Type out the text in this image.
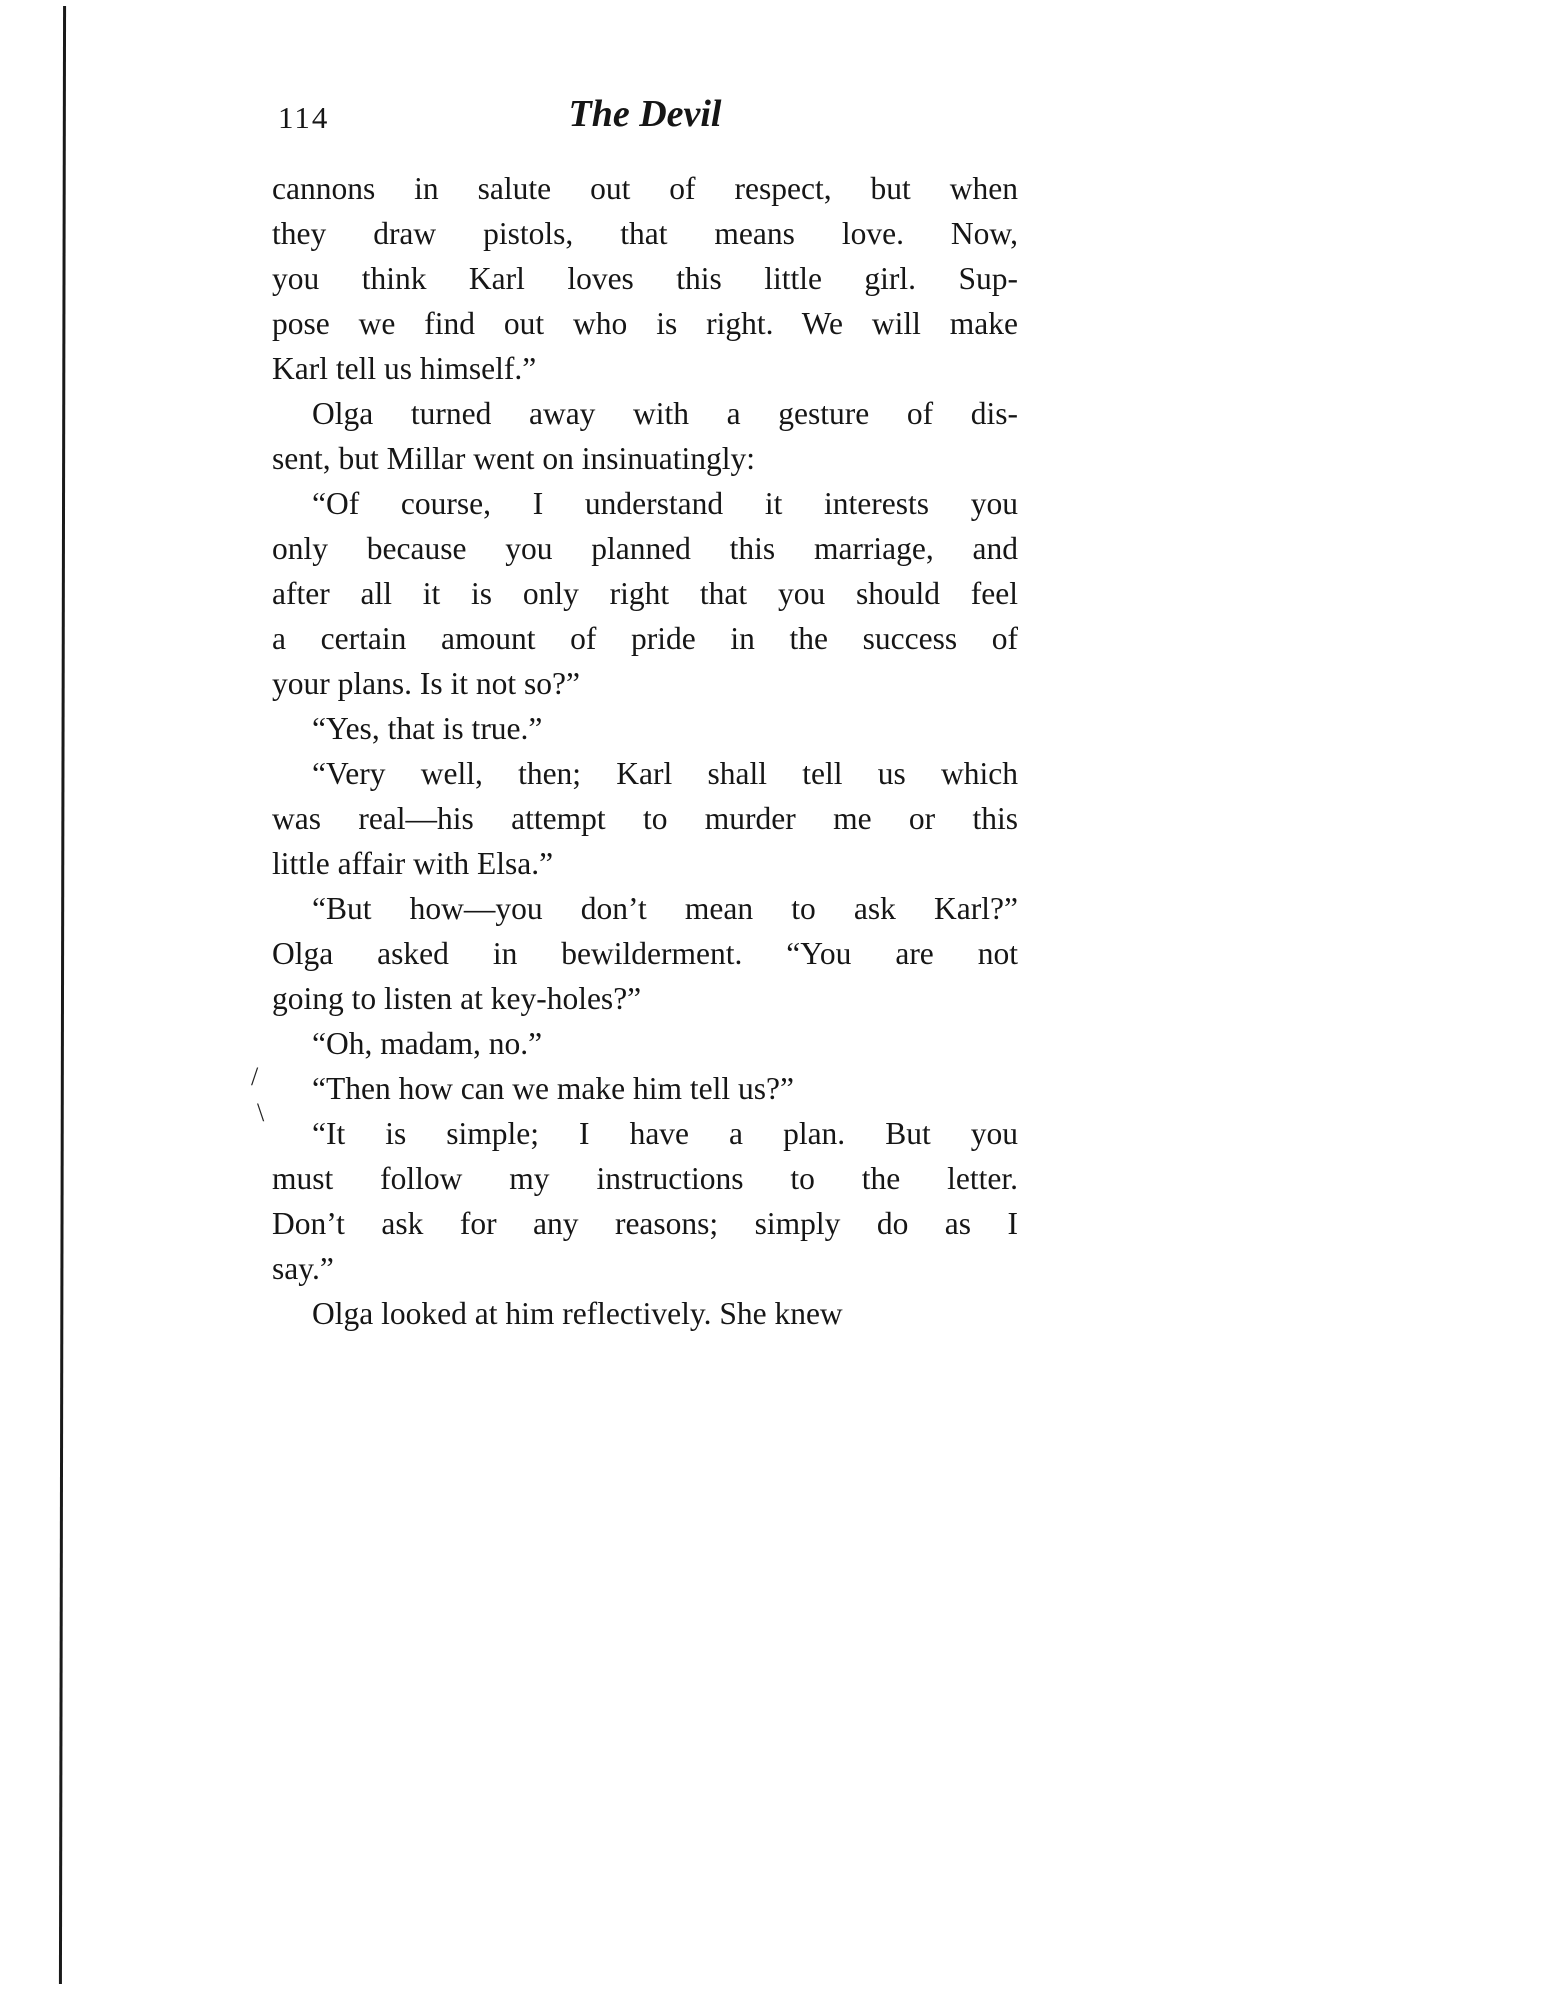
114	The Devil
cannons in salute out of respect, but when
they draw pistols, that means love. Now,
you think Karl loves this little girl. Sup-
pose we find out who is right. We will make
Karl tell us himself.”
Olga turned away with a gesture of dis-
sent, but Millar went on insinuatingly:
“Of course, I understand it interests you
only because you planned this marriage, and
after all it is only right that you should feel
a certain amount of pride in the success of
your plans. Is it not so?”
“Yes, that is true.”
“Very well, then; Karl shall tell us which
was real—his attempt to murder me or this
little affair with Elsa.”
“But how—you don’t mean to ask Karl?”
Olga asked in bewilderment. “You are not
going to listen at key-holes?”
“Oh, madam, no.”
“Then how can we make him tell us?”
“It is simple; I have a plan. But you
must follow my instructions to the letter.
Don’t ask for any reasons; simply do as I
say.”
Olga looked at him reflectively. She knew
/
\
